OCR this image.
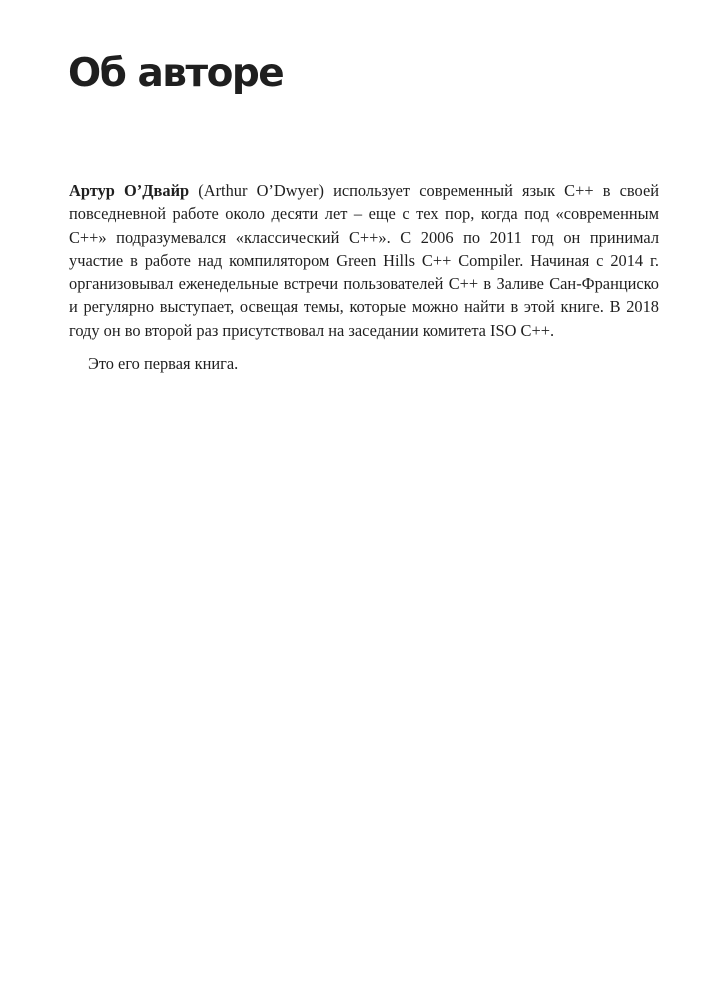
Об авторе

Артур О’Двайр (Arthur O’Dwyer) использует современный язык C++ в своей повседневной работе около десяти лет – еще с тех пор, когда под «современным C++» подразумевался «классический C++». С 2006 по 2011 год он принимал участие в работе над компилятором Green Hills C++ Compiler. Начиная с 2014 г. организовывал еженедельные встречи пользователей C++ в Заливе Сан-Франциско и регулярно выступает, освещая темы, которые можно найти в этой книге. В 2018 году он во второй раз присутствовал на заседании комитета ISO C++.

Это его первая книга.
